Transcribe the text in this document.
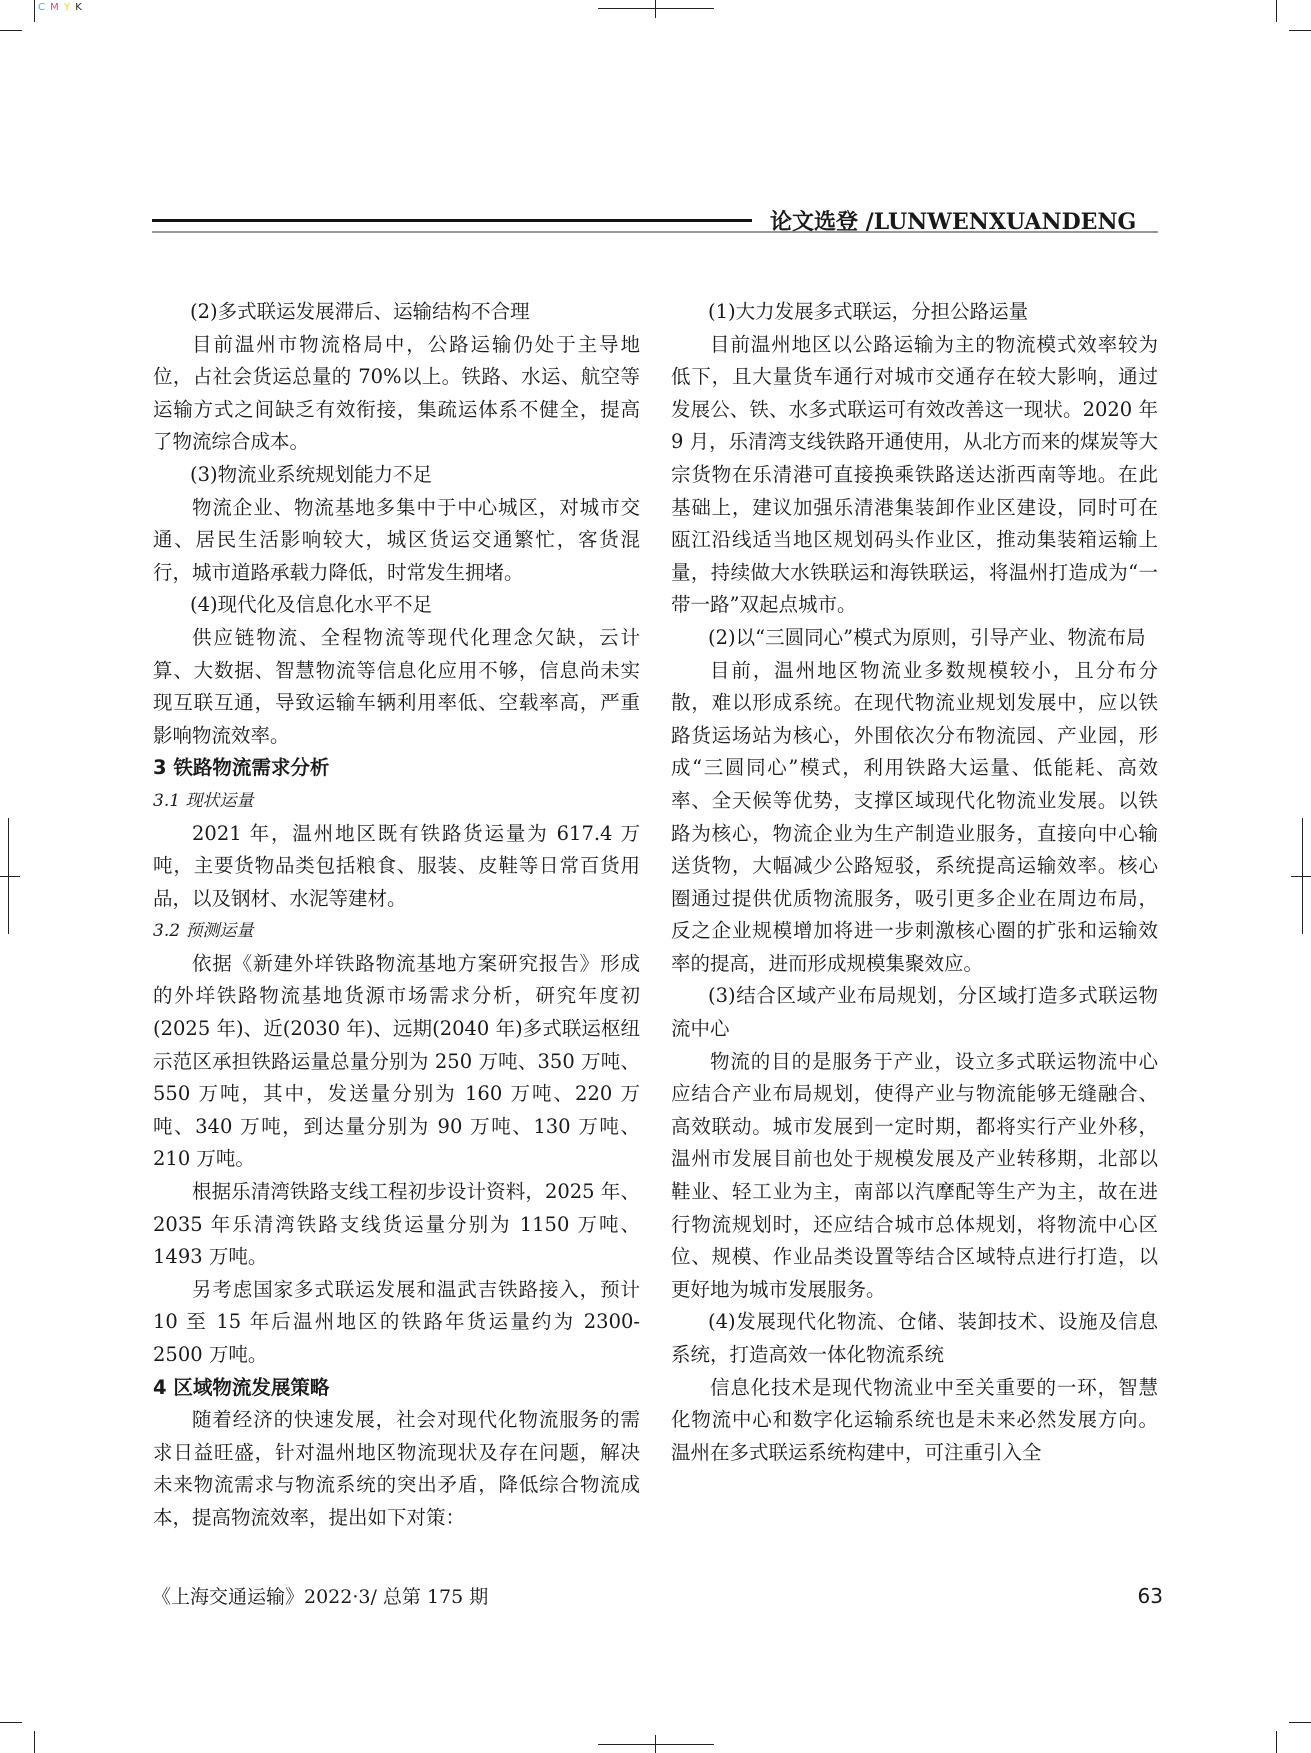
C M Y K
论文选登 /LUNWENXUANDENG

(2)多式联运发展滞后、运输结构不合理

目前温州市物流格局中，公路运输仍处于主导地位，占社会货运总量的 70%以上。铁路、水运、航空等运输方式之间缺乏有效衔接，集疏运体系不健全，提高了物流综合成本。

(3)物流业系统规划能力不足

物流企业、物流基地多集中于中心城区，对城市交通、居民生活影响较大，城区货运交通繁忙，客货混行，城市道路承载力降低，时常发生拥堵。

(4)现代化及信息化水平不足

供应链物流、全程物流等现代化理念欠缺，云计算、大数据、智慧物流等信息化应用不够，信息尚未实现互联互通，导致运输车辆利用率低、空载率高，严重影响物流效率。

3 铁路物流需求分析
3.1 现状运量

2021 年，温州地区既有铁路货运量为 617.4 万吨，主要货物品类包括粮食、服装、皮鞋等日常百货用品，以及钢材、水泥等建材。

3.2 预测运量

依据《新建外垟铁路物流基地方案研究报告》形成的外垟铁路物流基地货源市场需求分析，研究年度初(2025 年)、近(2030 年)、远期(2040 年)多式联运枢纽示范区承担铁路运量总量分别为 250 万吨、350 万吨、550 万吨，其中，发送量分别为 160 万吨、220 万吨、340 万吨，到达量分别为 90 万吨、130 万吨、210 万吨。

根据乐清湾铁路支线工程初步设计资料，2025 年、2035 年乐清湾铁路支线货运量分别为 1150 万吨、1493 万吨。

另考虑国家多式联运发展和温武吉铁路接入，预计 10 至 15 年后温州地区的铁路年货运量约为 2300-2500 万吨。

4 区域物流发展策略

随着经济的快速发展，社会对现代化物流服务的需求日益旺盛，针对温州地区物流现状及存在问题，解决未来物流需求与物流系统的突出矛盾，降低综合物流成本，提高物流效率，提出如下对策：

(1)大力发展多式联运，分担公路运量

目前温州地区以公路运输为主的物流模式效率较为低下，且大量货车通行对城市交通存在较大影响，通过发展公、铁、水多式联运可有效改善这一现状。2020 年 9 月，乐清湾支线铁路开通使用，从北方而来的煤炭等大宗货物在乐清港可直接换乘铁路送达浙西南等地。在此基础上，建议加强乐清港集装卸作业区建设，同时可在瓯江沿线适当地区规划码头作业区，推动集装箱运输上量，持续做大水铁联运和海铁联运，将温州打造成为“一带一路”双起点城市。

(2)以“三圆同心”模式为原则，引导产业、物流布局

目前，温州地区物流业多数规模较小，且分布分散，难以形成系统。在现代物流业规划发展中，应以铁路货运场站为核心，外围依次分布物流园、产业园，形成“三圆同心”模式，利用铁路大运量、低能耗、高效率、全天候等优势，支撑区域现代化物流业发展。以铁路为核心，物流企业为生产制造业服务，直接向中心输送货物，大幅减少公路短驳，系统提高运输效率。核心圈通过提供优质物流服务，吸引更多企业在周边布局，反之企业规模增加将进一步刺激核心圈的扩张和运输效率的提高，进而形成规模集聚效应。

(3)结合区域产业布局规划，分区域打造多式联运物流中心

物流的目的是服务于产业，设立多式联运物流中心应结合产业布局规划，使得产业与物流能够无缝融合、高效联动。城市发展到一定时期，都将实行产业外移，温州市发展目前也处于规模发展及产业转移期，北部以鞋业、轻工业为主，南部以汽摩配等生产为主，故在进行物流规划时，还应结合城市总体规划，将物流中心区位、规模、作业品类设置等结合区域特点进行打造，以更好地为城市发展服务。

(4)发展现代化物流、仓储、装卸技术、设施及信息系统，打造高效一体化物流系统

信息化技术是现代物流业中至关重要的一环，智慧化物流中心和数字化运输系统也是未来必然发展方向。温州在多式联运系统构建中，可注重引入全

《上海交通运输》2022·3/ 总第 175 期	63
